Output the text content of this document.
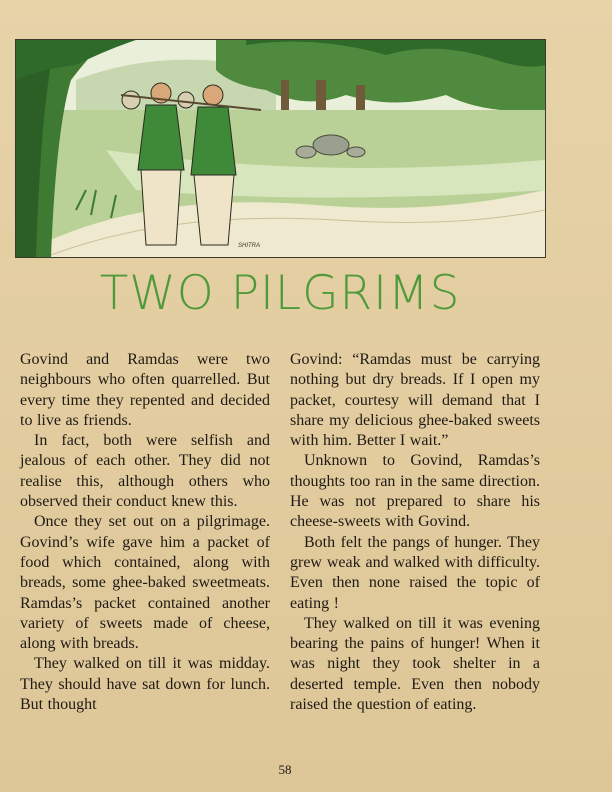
SHITRA
TWO PILGRIMS

Govind and Ramdas were two neighbours who often quarrelled. But every time they repented and decided to live as friends.

In fact, both were selfish and jealous of each other. They did not realise this, although others who observed their conduct knew this.

Once they set out on a pilgrimage. Govind’s wife gave him a packet of food which contained, along with breads, some ghee-baked sweetmeats. Ramdas’s packet contained another variety of sweets made of cheese, along with breads.

They walked on till it was midday. They should have sat down for lunch. But thought

Govind: “Ramdas must be carrying nothing but dry breads. If I open my packet, courtesy will demand that I share my delicious ghee-baked sweets with him. Better I wait.”

Unknown to Govind, Ramdas’s thoughts too ran in the same direction. He was not prepared to share his cheese-sweets with Govind.

Both felt the pangs of hunger. They grew weak and walked with difficulty. Even then none raised the topic of eating !

They walked on till it was evening bearing the pains of hunger! When it was night they took shelter in a deserted temple. Even then nobody raised the question of eating.

58
